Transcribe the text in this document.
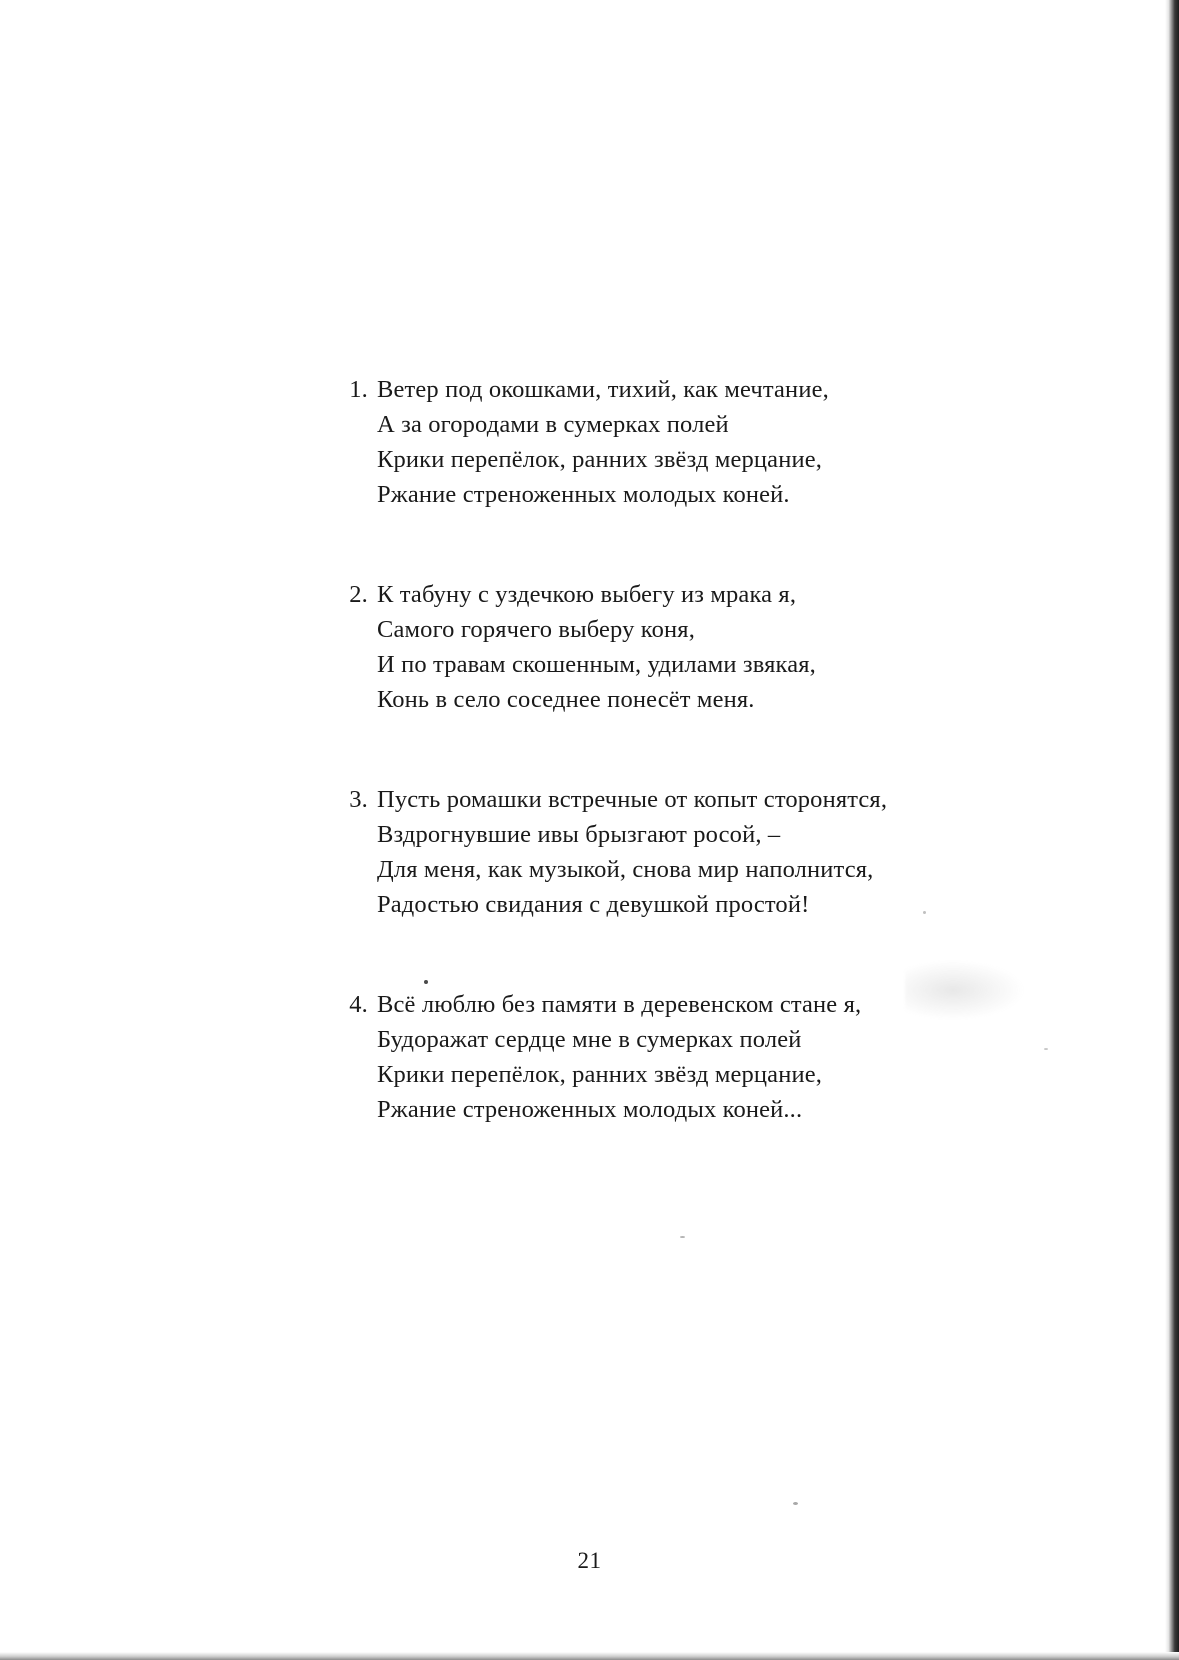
1. Ветер под окошками, тихий, как мечтание,
А за огородами в сумерках полей
Крики перепёлок, ранних звёзд мерцание,
Ржание стреноженных молодых коней.
2. К табуну с уздечкою выбегу из мрака я,
Самого горячего выберу коня,
И по травам скошенным, удилами звякая,
Конь в село соседнее понесёт меня.
3. Пусть ромашки встречные от копыт сторонятся,
Вздрогнувшие ивы брызгают росой, –
Для меня, как музыкой, снова мир наполнится,
Радостью свидания с девушкой простой!
4. Всё люблю без памяти в деревенском стане я,
Будоражат сердце мне в сумерках полей
Крики перепёлок, ранних звёзд мерцание,
Ржание стреноженных молодых коней...
21
